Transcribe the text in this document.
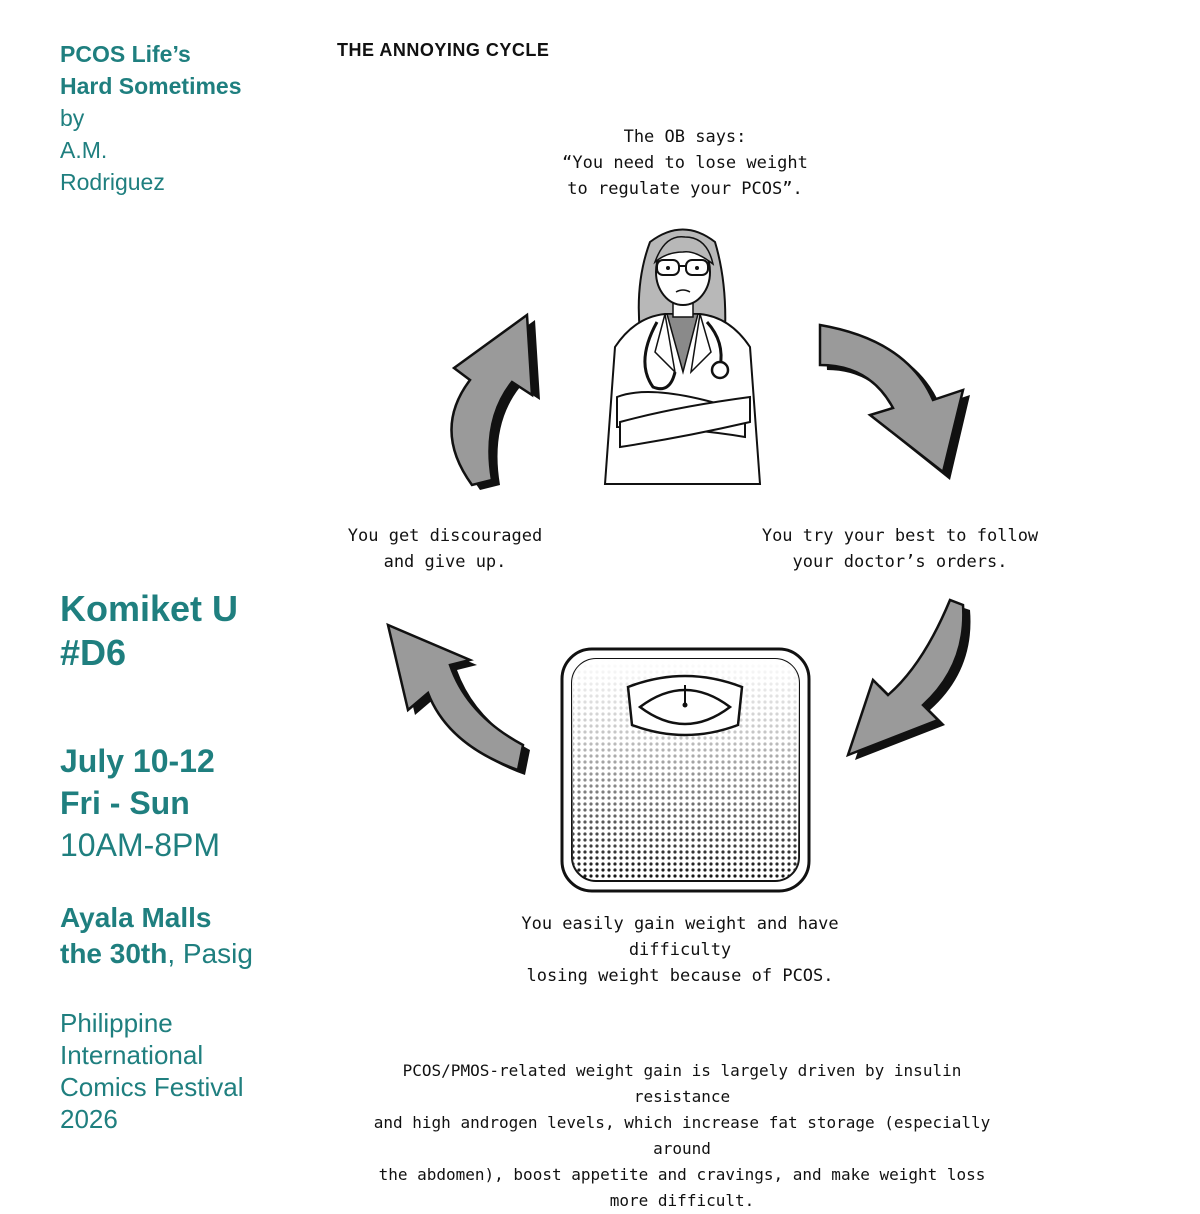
PCOS Life’s
Hard Sometimes
by
A.M.
Rodriguez
Komiket U
#D6
July 10-12
Fri - Sun
10AM-8PM
Ayala Malls
the 30th, Pasig
Philippine
International
Comics Festival
2026
THE ANNOYING CYCLE
The OB says:
“You need to lose weight
to regulate your PCOS”.
You try your best to follow
your doctor’s orders.
You get discouraged
and give up.
You easily gain weight and have difficulty
losing weight because of PCOS.
PCOS/PMOS-related weight gain is largely driven by insulin resistance
and high androgen levels, which increase fat storage (especially around
the abdomen), boost appetite and cravings, and make weight loss
more difficult.
